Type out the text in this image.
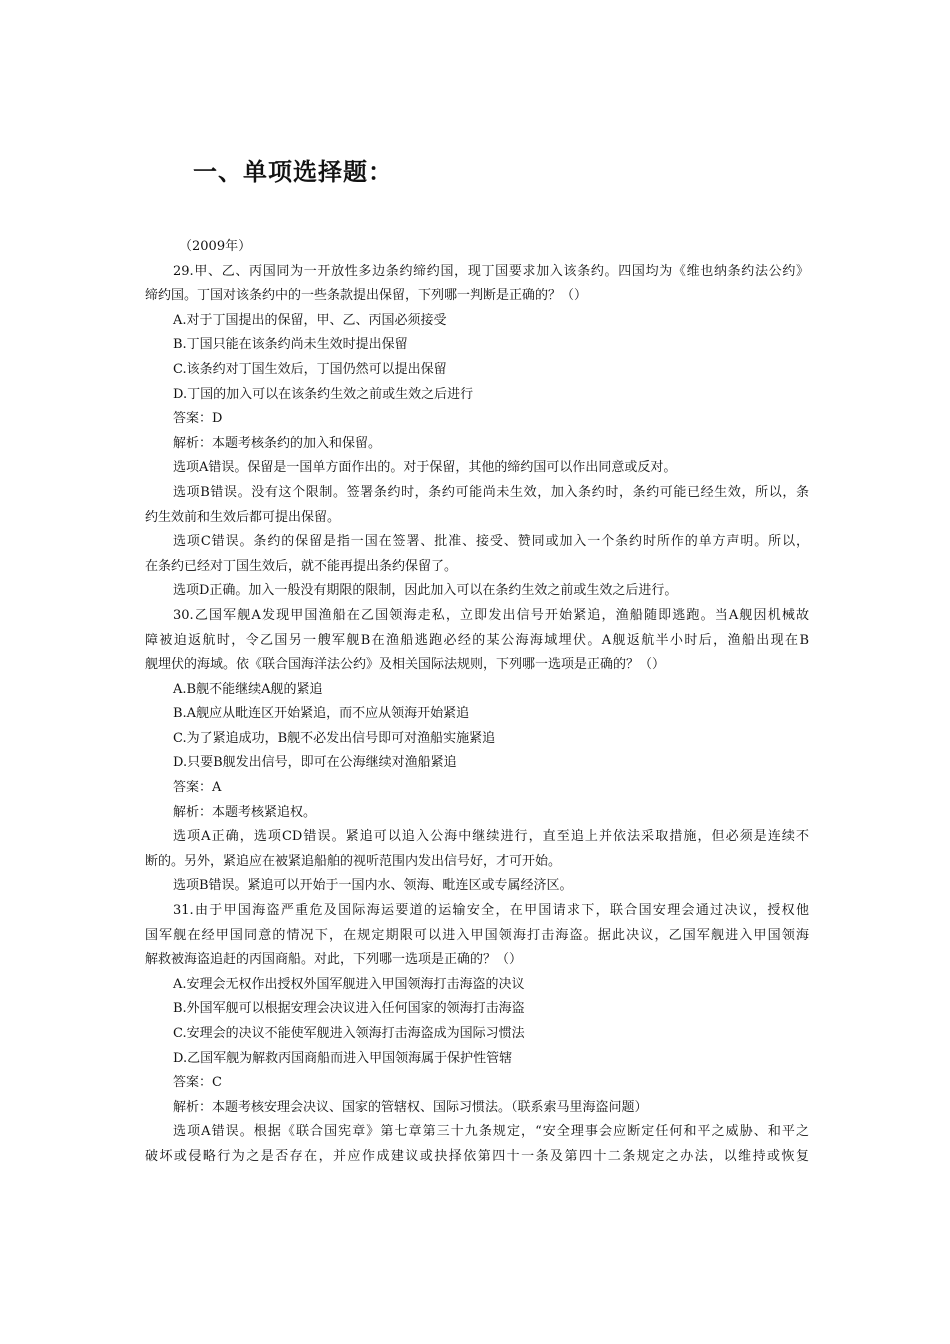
一、单项选择题：
（2009年）
29.甲、乙、丙国同为一开放性多边条约缔约国，现丁国要求加入该条约。四国均为《维也纳条约法公约》
缔约国。丁国对该条约中的一些条款提出保留，下列哪一判断是正确的？（）
A.对于丁国提出的保留，甲、乙、丙国必须接受
B.丁国只能在该条约尚未生效时提出保留
C.该条约对丁国生效后，丁国仍然可以提出保留
D.丁国的加入可以在该条约生效之前或生效之后进行
答案：D
解析：本题考核条约的加入和保留。
选项A错误。保留是一国单方面作出的。对于保留，其他的缔约国可以作出同意或反对。
选项B错误。没有这个限制。签署条约时，条约可能尚未生效，加入条约时，条约可能已经生效，所以，条
约生效前和生效后都可提出保留。
选项C错误。条约的保留是指一国在签署、批准、接受、赞同或加入一个条约时所作的单方声明。所以，
在条约已经对丁国生效后，就不能再提出条约保留了。
选项D正确。加入一般没有期限的限制，因此加入可以在条约生效之前或生效之后进行。
30.乙国军舰A发现甲国渔船在乙国领海走私，立即发出信号开始紧追，渔船随即逃跑。当A舰因机械故
障被迫返航时，令乙国另一艘军舰B在渔船逃跑必经的某公海海域埋伏。A舰返航半小时后，渔船出现在B
舰埋伏的海域。依《联合国海洋法公约》及相关国际法规则，下列哪一选项是正确的？（）
A.B舰不能继续A舰的紧追
B.A舰应从毗连区开始紧追，而不应从领海开始紧追
C.为了紧追成功，B舰不必发出信号即可对渔船实施紧追
D.只要B舰发出信号，即可在公海继续对渔船紧追
答案：A
解析：本题考核紧追权。
选项A正确，选项CD错误。紧追可以追入公海中继续进行，直至追上并依法采取措施，但必须是连续不
断的。另外，紧追应在被紧追船舶的视听范围内发出信号好，才可开始。
选项B错误。紧追可以开始于一国内水、领海、毗连区或专属经济区。
31.由于甲国海盗严重危及国际海运要道的运输安全，在甲国请求下，联合国安理会通过决议，授权他
国军舰在经甲国同意的情况下，在规定期限可以进入甲国领海打击海盗。据此决议，乙国军舰进入甲国领海
解救被海盗追赶的丙国商船。对此，下列哪一选项是正确的？（）
A.安理会无权作出授权外国军舰进入甲国领海打击海盗的决议
B.外国军舰可以根据安理会决议进入任何国家的领海打击海盗
C.安理会的决议不能使军舰进入领海打击海盗成为国际习惯法
D.乙国军舰为解救丙国商船而进入甲国领海属于保护性管辖
答案：C
解析：本题考核安理会决议、国家的管辖权、国际习惯法。（联系索马里海盗问题）
选项A错误。根据《联合国宪章》第七章第三十九条规定，“安全理事会应断定任何和平之威胁、和平之
破坏或侵略行为之是否存在，并应作成建议或抉择依第四十一条及第四十二条规定之办法，以维持或恢复
